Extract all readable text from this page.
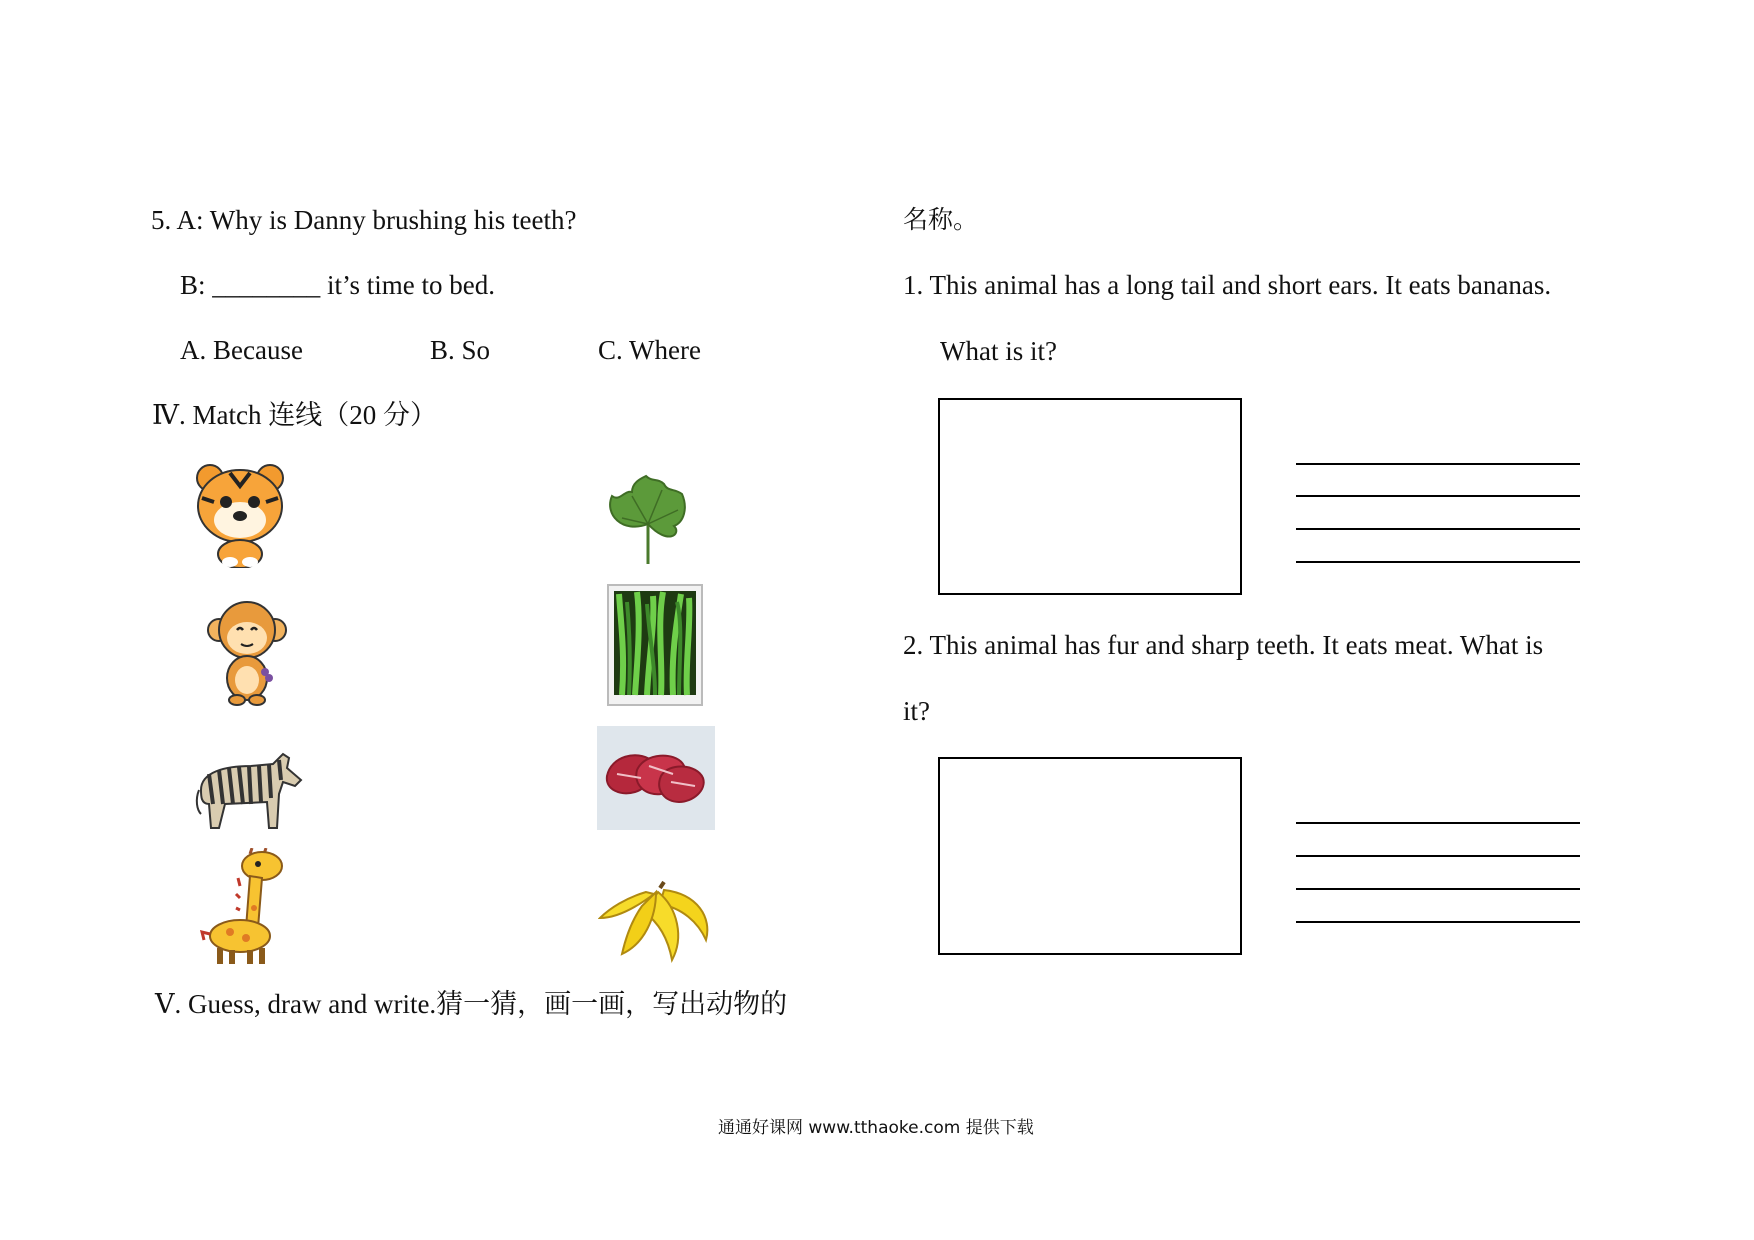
5. A: Why is Danny brushing his teeth?
B: ________ it’s time to bed.
A. Because	B. So	C. Where
Ⅳ. Match 连线（20 分）
Ⅴ. Guess, draw and write.猜一猜，画一画，写出动物的
名称。
1. This animal has a long tail and short ears. It eats bananas.
What is it?
2. This animal has fur and sharp teeth. It eats meat. What is
it?
通通好课网 www.tthaoke.com 提供下载
